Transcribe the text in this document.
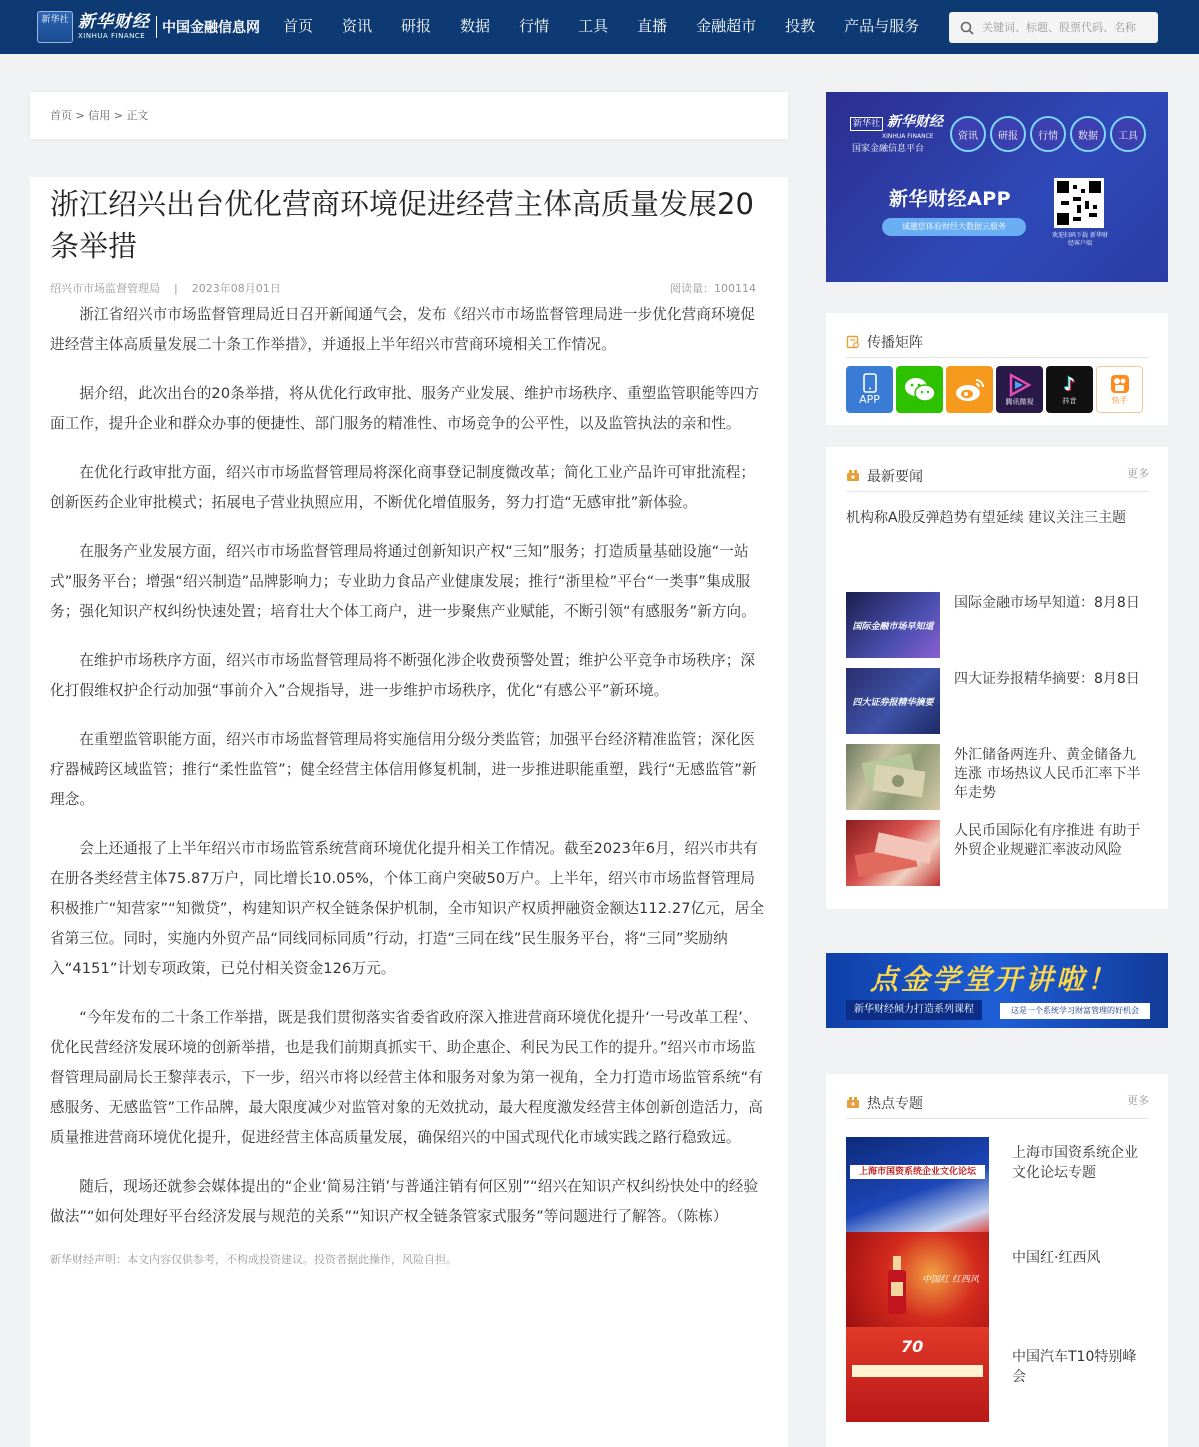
新华社 新华财经
XINHUA FINANCE	中国金融信息网 首页 资讯 研报 数据 行情 工具 直播 金融超市 投教 产品与服务
关键词、标题、股票代码、名称
首页 > 信用 > 正文
浙江绍兴出台优化营商环境促进经营主体高质量发展20条举措
绍兴市市场监督管理局 | 2023年08月01日	阅读量：100114

浙江省绍兴市市场监督管理局近日召开新闻通气会，发布《绍兴市市场监督管理局进一步优化营商环境促进经营主体高质量发展二十条工作举措》，并通报上半年绍兴市营商环境相关工作情况。

据介绍，此次出台的20条举措，将从优化行政审批、服务产业发展、维护市场秩序、重塑监管职能等四方面工作，提升企业和群众办事的便捷性、部门服务的精准性、市场竞争的公平性，以及监管执法的亲和性。

在优化行政审批方面，绍兴市市场监督管理局将深化商事登记制度微改革；简化工业产品许可审批流程；创新医药企业审批模式；拓展电子营业执照应用，不断优化增值服务，努力打造“无感审批”新体验。

在服务产业发展方面，绍兴市市场监督管理局将通过创新知识产权“三知”服务；打造质量基础设施“一站式”服务平台；增强“绍兴制造”品牌影响力；专业助力食品产业健康发展；推行“浙里检”平台“一类事”集成服务；强化知识产权纠纷快速处置；培育壮大个体工商户，进一步聚焦产业赋能，不断引领“有感服务”新方向。

在维护市场秩序方面，绍兴市市场监督管理局将不断强化涉企收费预警处置；维护公平竞争市场秩序；深化打假维权护企行动加强“事前介入”合规指导，进一步维护市场秩序，优化“有感公平”新环境。

在重塑监管职能方面，绍兴市市场监督管理局将实施信用分级分类监管；加强平台经济精准监管；深化医疗器械跨区域监管；推行“柔性监管”；健全经营主体信用修复机制，进一步推进职能重塑，践行“无感监管”新理念。

会上还通报了上半年绍兴市市场监管系统营商环境优化提升相关工作情况。截至2023年6月，绍兴市共有在册各类经营主体75.87万户，同比增长10.05%，个体工商户突破50万户。上半年，绍兴市市场监督管理局积极推广“知营家”“知微贷”，构建知识产权全链条保护机制，全市知识产权质押融资金额达112.27亿元，居全省第三位。同时，实施内外贸产品“同线同标同质”行动，打造“三同在线”民生服务平台，将“三同”奖励纳入“4151”计划专项政策，已兑付相关资金126万元。

“今年发布的二十条工作举措，既是我们贯彻落实省委省政府深入推进营商环境优化提升‘一号改革工程’、优化民营经济发展环境的创新举措，也是我们前期真抓实干、助企惠企、利民为民工作的提升。”绍兴市市场监督管理局副局长王黎萍表示，下一步，绍兴市将以经营主体和服务对象为第一视角，全力打造市场监管系统“有感服务、无感监管”工作品牌，最大限度减少对监管对象的无效扰动，最大程度激发经营主体创新创造活力，高质量推进营商环境优化提升，促进经营主体高质量发展，确保绍兴的中国式现代化市域实践之路行稳致远。

随后，现场还就参会媒体提出的“企业‘简易注销’与普通注销有何区别”“绍兴在知识产权纠纷快处中的经验做法”“如何处理好平台经济发展与规范的关系”“知识产权全链条管家式服务”等问题进行了解答。（陈栋）

新华财经声明：本文内容仅供参考，不构成投资建议。投资者据此操作，风险自担。
新华社 新华财经
XINHUA FINANCE
国家金融信息平台
资讯	研报	行情	数据	工具
新华财经APP
诚邀您体验财经大数据云服务
欢迎扫码下载 新华财经客户端
传播矩阵
APP	腾讯微视
♪
抖音	快手
最新要闻	更多
机构称A股反弹趋势有望延续 建议关注三主题
国际金融市场早知道
国际金融市场早知道：8月8日
四大证券报精华摘要
四大证券报精华摘要：8月8日
外汇储备两连升、黄金储备九连涨 市场热议人民币汇率下半年走势
人民币国际化有序推进 有助于外贸企业规避汇率波动风险
点金学堂开讲啦！
新华财经倾力打造系列课程	这是一个系统学习财富管理的好机会
热点专题	更多
上海市国资系统企业文化论坛
上海市国资系统企业文化论坛专题
中国红 红西风
中国红·红西风
70
中国汽车T10特别峰会
